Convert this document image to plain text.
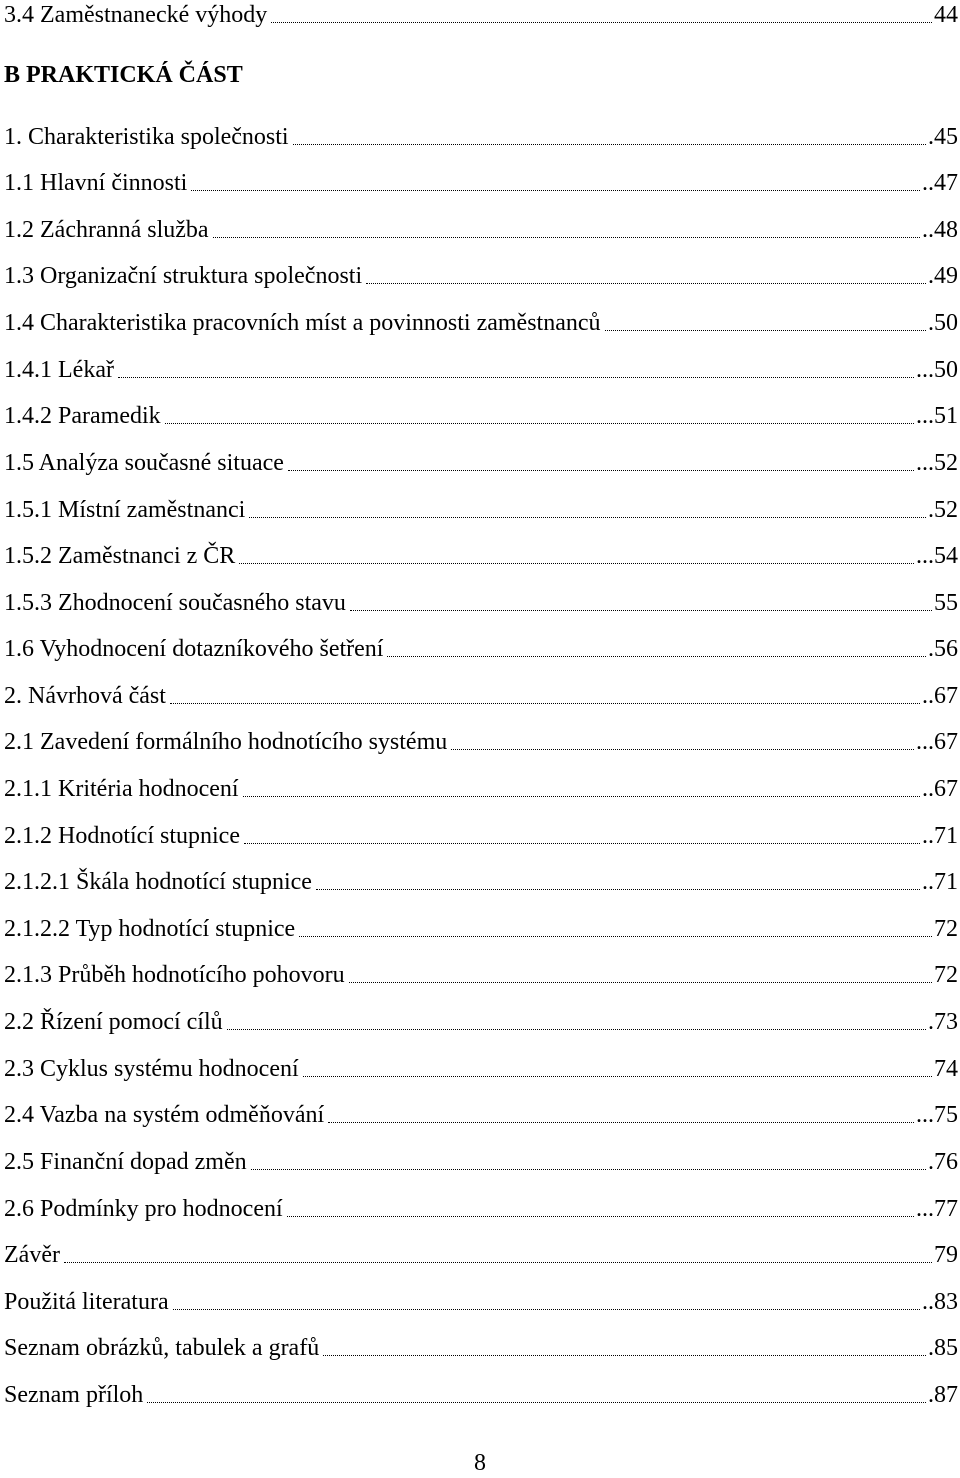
3.4 Zaměstnanecké výhody	44
B PRAKTICKÁ ČÁST
1. Charakteristika společnosti	.45
1.1 Hlavní činnosti	..47
1.2 Záchranná služba	..48
1.3 Organizační struktura společnosti	.49
1.4 Charakteristika pracovních míst a povinnosti zaměstnanců	.50
1.4.1 Lékař	...50
1.4.2 Paramedik	...51
1.5 Analýza současné situace	...52
1.5.1 Místní zaměstnanci	.52
1.5.2 Zaměstnanci z ČR	...54
1.5.3 Zhodnocení současného stavu	55
1.6 Vyhodnocení dotazníkového šetření	.56
2. Návrhová část	..67
2.1 Zavedení formálního hodnotícího systému	...67
2.1.1 Kritéria hodnocení	..67
2.1.2 Hodnotící stupnice	..71
2.1.2.1 Škála hodnotící stupnice	..71
2.1.2.2 Typ hodnotící stupnice	72
2.1.3 Průběh hodnotícího pohovoru	72
2.2 Řízení pomocí cílů	.73
2.3 Cyklus systému hodnocení	74
2.4 Vazba na systém odměňování	...75
2.5 Finanční dopad změn	.76
2.6 Podmínky pro hodnocení	...77
Závěr	79
Použitá literatura	..83
Seznam obrázků, tabulek a grafů	.85
Seznam příloh	.87
8
